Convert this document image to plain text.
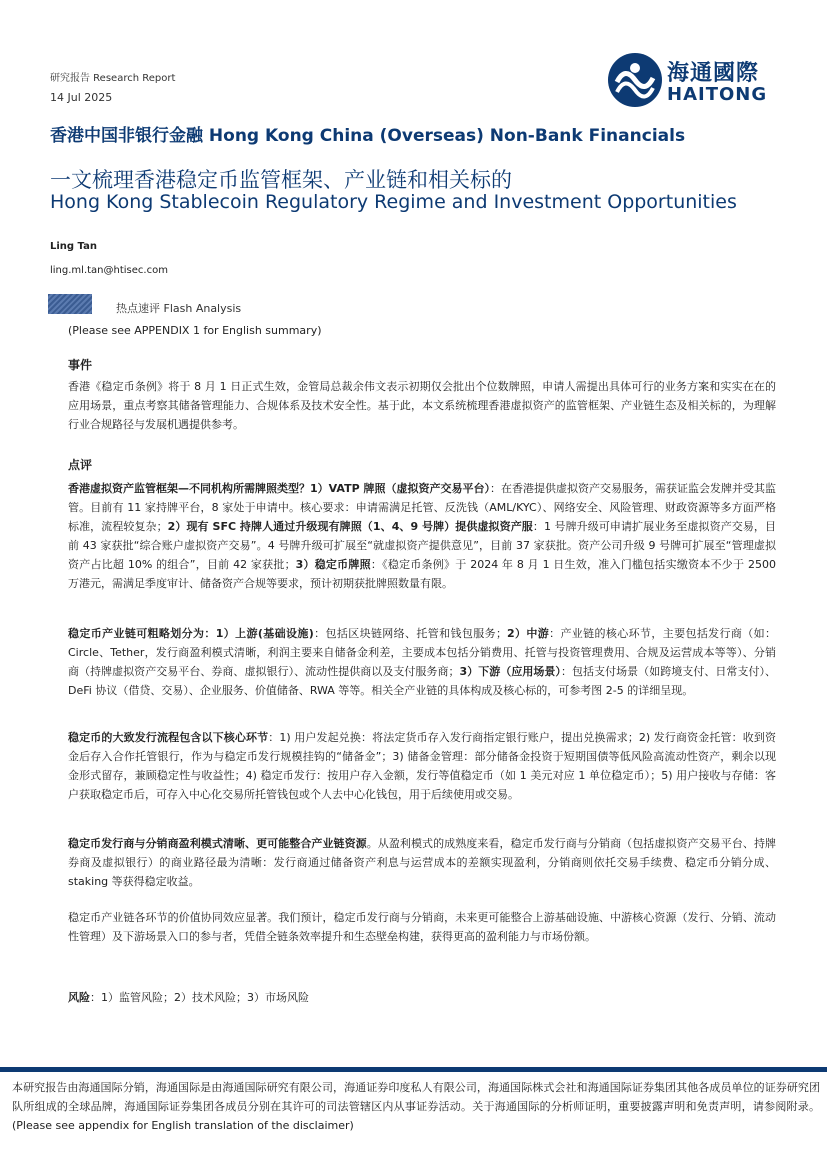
研究报告 Research Report
14 Jul 2025
海通國際
HAITONG
香港中国非银行金融 Hong Kong China (Overseas) Non-Bank Financials
一文梳理香港稳定币监管框架、产业链和相关标的
Hong Kong Stablecoin Regulatory Regime and Investment Opportunities
Ling Tan
ling.ml.tan@htisec.com
热点速评 Flash Analysis
(Please see APPENDIX 1 for English summary)
事件
香港《稳定币条例》将于 8 月 1 日正式生效，金管局总裁余伟文表示初期仅会批出个位数牌照，申请人需提出具体可行的业务方案和实实在在的应用场景，重点考察其储备管理能力、合规体系及技术安全性。基于此，本文系统梳理香港虚拟资产的监管框架、产业链生态及相关标的，为理解行业合规路径与发展机遇提供参考。
点评
香港虚拟资产监管框架—不同机构所需牌照类型？1）VATP 牌照（虚拟资产交易平台）：在香港提供虚拟资产交易服务，需获证监会发牌并受其监管。目前有 11 家持牌平台，8 家处于申请中。核心要求：申请需满足托管、反洗钱（AML/KYC）、网络安全、风险管理、财政资源等多方面严格标准，流程较复杂；2）现有 SFC 持牌人通过升级现有牌照（1、4、9 号牌）提供虚拟资产服：1 号牌升级可申请扩展业务至虚拟资产交易，目前 43 家获批“综合账户虚拟资产交易”。4 号牌升级可扩展至“就虚拟资产提供意见”，目前 37 家获批。资产公司升级 9 号牌可扩展至“管理虚拟资产占比超 10% 的组合”，目前 42 家获批；3）稳定币牌照：《稳定币条例》于 2024 年 8 月 1 日生效，准入门槛包括实缴资本不少于 2500 万港元，需满足季度审计、储备资产合规等要求，预计初期获批牌照数量有限。
稳定币产业链可粗略划分为：1）上游(基础设施)：包括区块链网络、托管和钱包服务；2）中游：产业链的核心环节，主要包括发行商（如：Circle、Tether，发行商盈利模式清晰，利润主要来自储备金利差，主要成本包括分销费用、托管与投资管理费用、合规及运营成本等等）、分销商（持牌虚拟资产交易平台、券商、虚拟银行）、流动性提供商以及支付服务商；3）下游（应用场景）：包括支付场景（如跨境支付、日常支付）、DeFi 协议（借贷、交易）、企业服务、价值储备、RWA 等等。相关全产业链的具体构成及核心标的，可参考图 2-5 的详细呈现。
稳定币的大致发行流程包含以下核心环节：1) 用户发起兑换：将法定货币存入发行商指定银行账户，提出兑换需求；2) 发行商资金托管：收到资金后存入合作托管银行，作为与稳定币发行规模挂钩的“储备金”；3) 储备金管理：部分储备金投资于短期国债等低风险高流动性资产，剩余以现金形式留存，兼顾稳定性与收益性；4) 稳定币发行：按用户存入金额，发行等值稳定币（如 1 美元对应 1 单位稳定币）；5) 用户接收与存储：客户获取稳定币后，可存入中心化交易所托管钱包或个人去中心化钱包，用于后续使用或交易。
稳定币发行商与分销商盈利模式清晰、更可能整合产业链资源。从盈利模式的成熟度来看，稳定币发行商与分销商（包括虚拟资产交易平台、持牌券商及虚拟银行）的商业路径最为清晰：发行商通过储备资产利息与运营成本的差额实现盈利，分销商则依托交易手续费、稳定币分销分成、staking 等获得稳定收益。
稳定币产业链各环节的价值协同效应显著。我们预计，稳定币发行商与分销商，未来更可能整合上游基础设施、中游核心资源（发行、分销、流动性管理）及下游场景入口的参与者，凭借全链条效率提升和生态壁垒构建，获得更高的盈利能力与市场份额。
风险：1）监管风险；2）技术风险；3）市场风险
本研究报告由海通国际分销，海通国际是由海通国际研究有限公司，海通证券印度私人有限公司，海通国际株式会社和海通国际证券集团其他各成员单位的证券研究团队所组成的全球品牌，海通国际证券集团各成员分别在其许可的司法管辖区内从事证券活动。关于海通国际的分析师证明，重要披露声明和免责声明，请参阅附录。(Please see appendix for English translation of the disclaimer)
